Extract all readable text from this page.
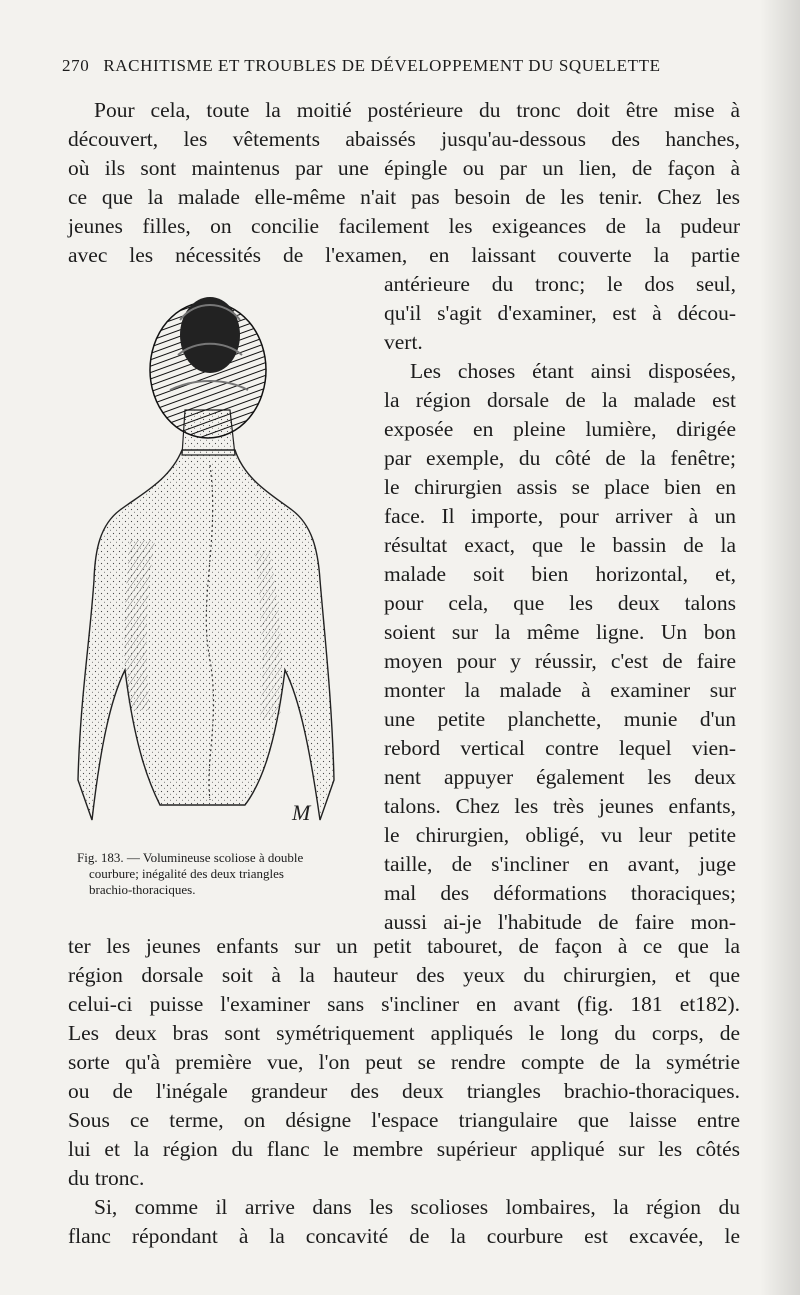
270 RACHITISME ET TROUBLES DE DÉVELOPPEMENT DU SQUELETTE
Pour cela, toute la moitié postérieure du tronc doit être mise à
découvert, les vêtements abaissés jusqu'au-dessous des hanches,
où ils sont maintenus par une épingle ou par un lien, de façon à
ce que la malade elle-même n'ait pas besoin de les tenir. Chez les
jeunes filles, on concilie facilement les exigeances de la pudeur
avec les nécessités de l'examen, en laissant couverte la partie
antérieure du tronc; le dos seul,
qu'il s'agit d'examiner, est à décou-
vert.
Les choses étant ainsi disposées,
la région dorsale de la malade est
exposée en pleine lumière, dirigée
par exemple, du côté de la fenêtre;
le chirurgien assis se place bien en
face. Il importe, pour arriver à un
résultat exact, que le bassin de la
malade soit bien horizontal, et,
pour cela, que les deux talons
soient sur la même ligne. Un bon
moyen pour y réussir, c'est de faire
monter la malade à examiner sur
une petite planchette, munie d'un
rebord vertical contre lequel vien-
nent appuyer également les deux
talons. Chez les très jeunes enfants,
le chirurgien, obligé, vu leur petite
taille, de s'incliner en avant, juge
mal des déformations thoraciques;
aussi ai-je l'habitude de faire mon-
M
Fig. 183. — Volumineuse scoliose à double

courbure; inégalité des deux triangles
brachio-thoraciques.
ter les jeunes enfants sur un petit tabouret, de façon à ce que la
région dorsale soit à la hauteur des yeux du chirurgien, et que
celui-ci puisse l'examiner sans s'incliner en avant (fig. 181 et182).
Les deux bras sont symétriquement appliqués le long du corps, de
sorte qu'à première vue, l'on peut se rendre compte de la symétrie
ou de l'inégale grandeur des deux triangles brachio-thoraciques.
Sous ce terme, on désigne l'espace triangulaire que laisse entre
lui et la région du flanc le membre supérieur appliqué sur les côtés
du tronc.
Si, comme il arrive dans les scolioses lombaires, la région du
flanc répondant à la concavité de la courbure est excavée, le
